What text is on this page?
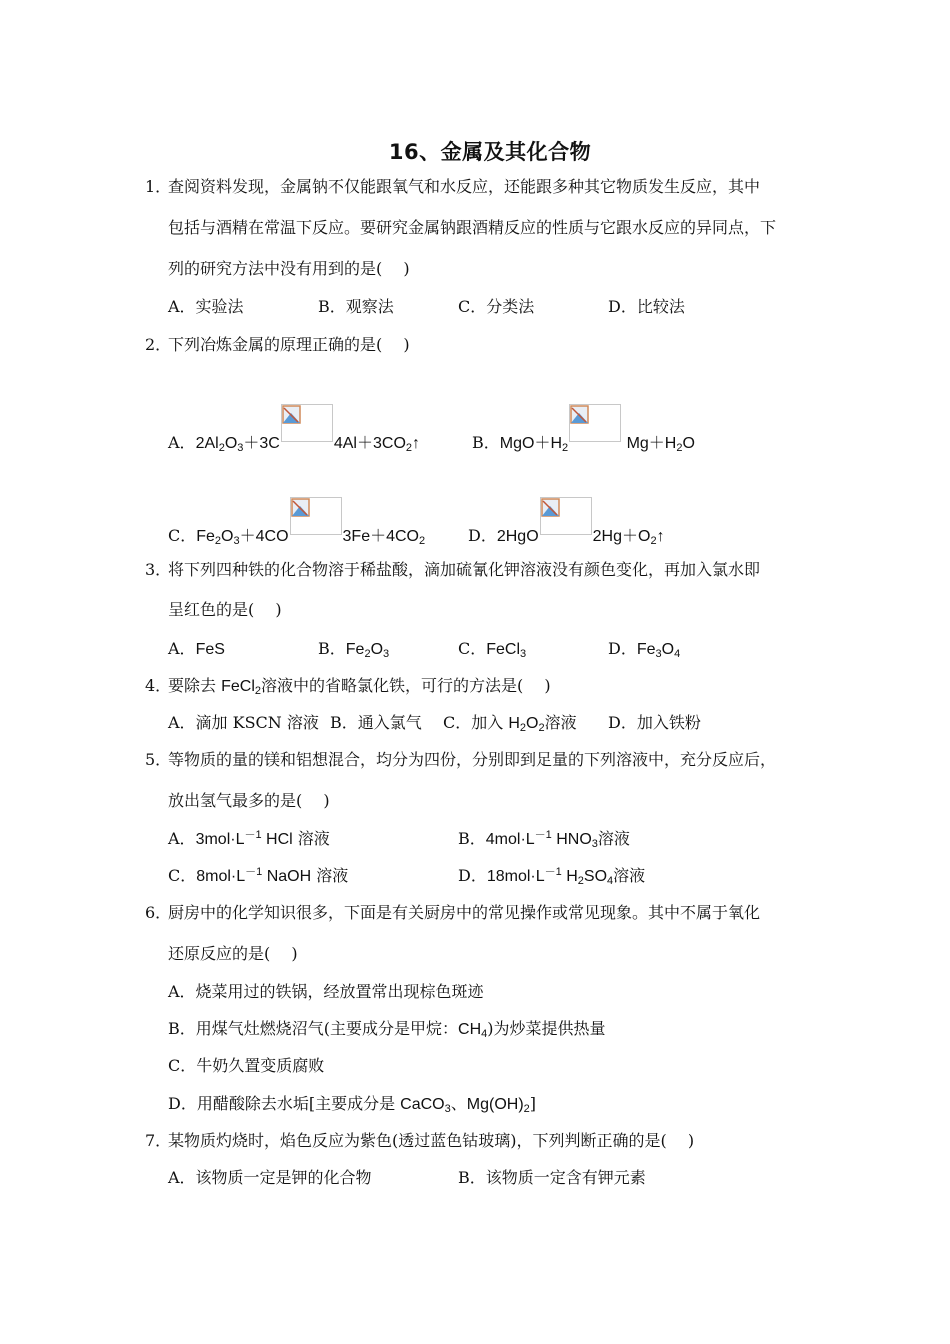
16、金属及其化合物
1．
查阅资料发现，金属钠不仅能跟氧气和水反应，还能跟多种其它物质发生反应，其中
包括与酒精在常温下反应。要研究金属钠跟酒精反应的性质与它跟水反应的异同点，下
列的研究方法中没有用到的是(　 )
A．实验法	B．观察法	C．分类法	D．比较法
2．
下列冶炼金属的原理正确的是(　 )
A．$2Al_2O_3+3C$	$4Al+3CO_2↑$	B．$MgO+H_2$	$Mg+H_2O$
C．$Fe_2O_3+4CO$	$3Fe+4CO_2$	D．2HgO	$2Hg+O_2↑$
3．
将下列四种铁的化合物溶于稀盐酸，滴加硫氰化钾溶液没有颜色变化，再加入氯水即
呈红色的是(　 )
A．FeS	B．$Fe_2O_3$	C．FeCl$_3$	D．$Fe_3O_4$
4．
要除去 FeCl$_2$溶液中的省略氯化铁，可行的方法是(　 )
A．滴加 KSCN 溶液 B．通入氯气 C．加入 $H_2O_2$溶液 D．加入铁粉
5．
等物质的量的镁和铝想混合，均分为四份，分别即到足量的下列溶液中，充分反应后，
放出氢气最多的是(　 )
A．$3mol\cdot L^{-1}$ HCl 溶液	B．$4mol\cdot L^{-1}$ $HNO_3$溶液
C．$8mol\cdot L^{-1}$ NaOH 溶液	D．$18mol\cdot L^{-1}$ $H_2SO_4$溶液
6．
厨房中的化学知识很多，下面是有关厨房中的常见操作或常见现象。其中不属于氧化
还原反应的是(　 )
A．烧菜用过的铁锅，经放置常出现棕色斑迹
B．用煤气灶燃烧沼气(主要成分是甲烷：$CH_4$)为炒菜提供热量
C．牛奶久置变质腐败
D．用醋酸除去水垢[主要成分是 CaCO$_3$、$Mg(OH)_2$]
7．
某物质灼烧时，焰色反应为紫色(透过蓝色钴玻璃)，下列判断正确的是(　 )
A．该物质一定是钾的化合物	B．该物质一定含有钾元素
